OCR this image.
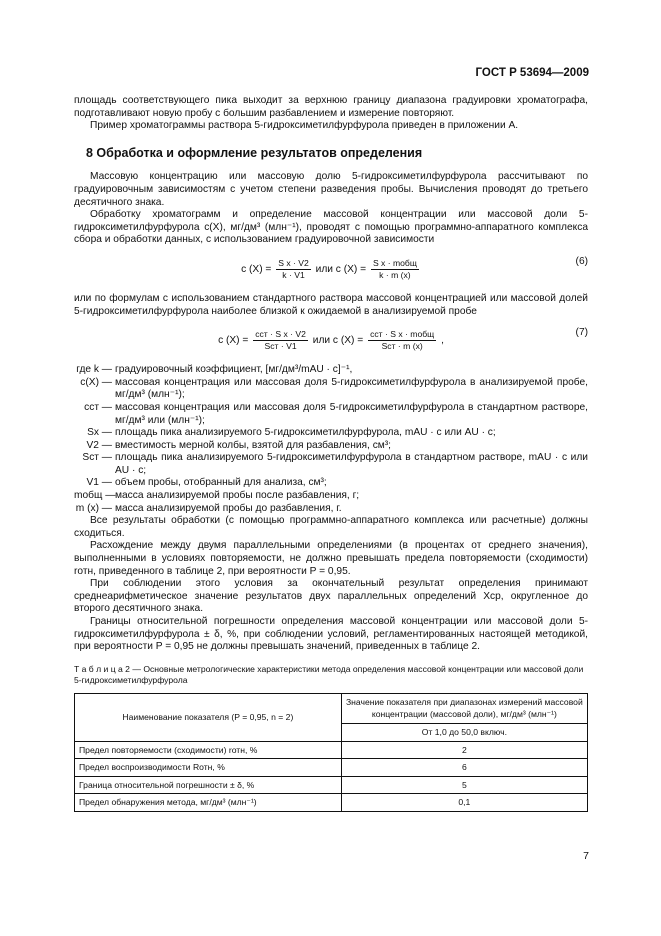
ГОСТ Р 53694—2009

площадь соответствующего пика выходит за верхнюю границу диапазона градуировки хроматографа, подготавливают новую пробу с большим разбавлением и измерение повторяют.

Пример хроматограммы раствора 5-гидроксиметилфурфурола приведен в приложении А.

8 Обработка и оформление результатов определения

Массовую концентрацию или массовую долю 5-гидроксиметилфурфурола рассчитывают по градуировочным зависимостям с учетом степени разведения пробы. Вычисления проводят до третьего десятичного знака.

Обработку хроматограмм и определение массовой концентрации или массовой доли 5-гидроксиметилфурфурола c(X), мг/дм³ (млн⁻¹), проводят с помощью программно-аппаратного комплекса сбора и обработки данных, с использованием градуировочной зависимости

c $(X) = \frac{\text{S x · V2}}{k \cdot V1}$ или c $(X) = \frac{\text{S x · mобщ}}{k \cdot m (x)}$	(6)

или по формулам с использованием стандартного раствора массовой концентрацией или массовой долей 5-гидроксиметилфурфурола наиболее близкой к ожидаемой в анализируемой пробе

c $(X) = \frac{\text{cст · S x · V2}}{\text{Sст · V1}}$ или c $(X) = \frac{\text{cст · S x · mобщ}}{\text{Sст · m (x)}}$ ,
(7)
где k — градуировочный коэффициент, [мг/дм³/mAU · с]⁻¹,
c(X) — массовая концентрация или массовая доля 5-гидроксиметилфурфурола в анализируемой пробе, мг/дм³ (млн⁻¹);
cст — массовая концентрация или массовая доля 5-гидроксиметилфурфурола в стандартном растворе, мг/дм³ или (млн⁻¹);
Sx — площадь пика анализируемого 5-гидроксиметилфурфурола, mAU · с или AU · с;
V2 — вместимость мерной колбы, взятой для разбавления, см³;
Sст — площадь пика анализируемого 5-гидроксиметилфурфурола в стандартном растворе, mAU · с или AU · с;
V1 — объем пробы, отобранный для анализа, см³;
mобщ — масса анализируемой пробы после разбавления, г;
m (x) — масса анализируемой пробы до разбавления, г.

Все результаты обработки (с помощью программно-аппаратного комплекса или расчетные) должны сходиться.

Расхождение между двумя параллельными определениями (в процентах от среднего значения), выполненными в условиях повторяемости, не должно превышать предела повторяемости (сходимости) rотн, приведенного в таблице 2, при вероятности P = 0,95.

При соблюдении этого условия за окончательный результат определения принимают среднеарифметическое значение результатов двух параллельных определений Xср, округленное до второго десятичного знака.

Границы относительной погрешности определения массовой концентрации или массовой доли 5-гидроксиметилфурфурола ± δ, %, при соблюдении условий, регламентированных настоящей методикой, при вероятности P = 0,95 не должны превышать значений, приведенных в таблице 2.

Т а б л и ц а 2 — Основные метрологические характеристики метода определения массовой концентрации или массовой доли 5-гидроксиметилфурфурола

Наименование показателя (P = 0,95, n = 2)	Значение показателя при диапазонах измерений массовой концентрации (массовой доли), мг/дм³ (млн⁻¹)
	От 1,0 до 50,0 включ.
Предел повторяемости (сходимости) rотн, %	2
Предел воспроизводимости Rотн, %	6
Граница относительной погрешности ± δ, %	5
Предел обнаружения метода, мг/дм³ (млн⁻¹)	0,1
7
